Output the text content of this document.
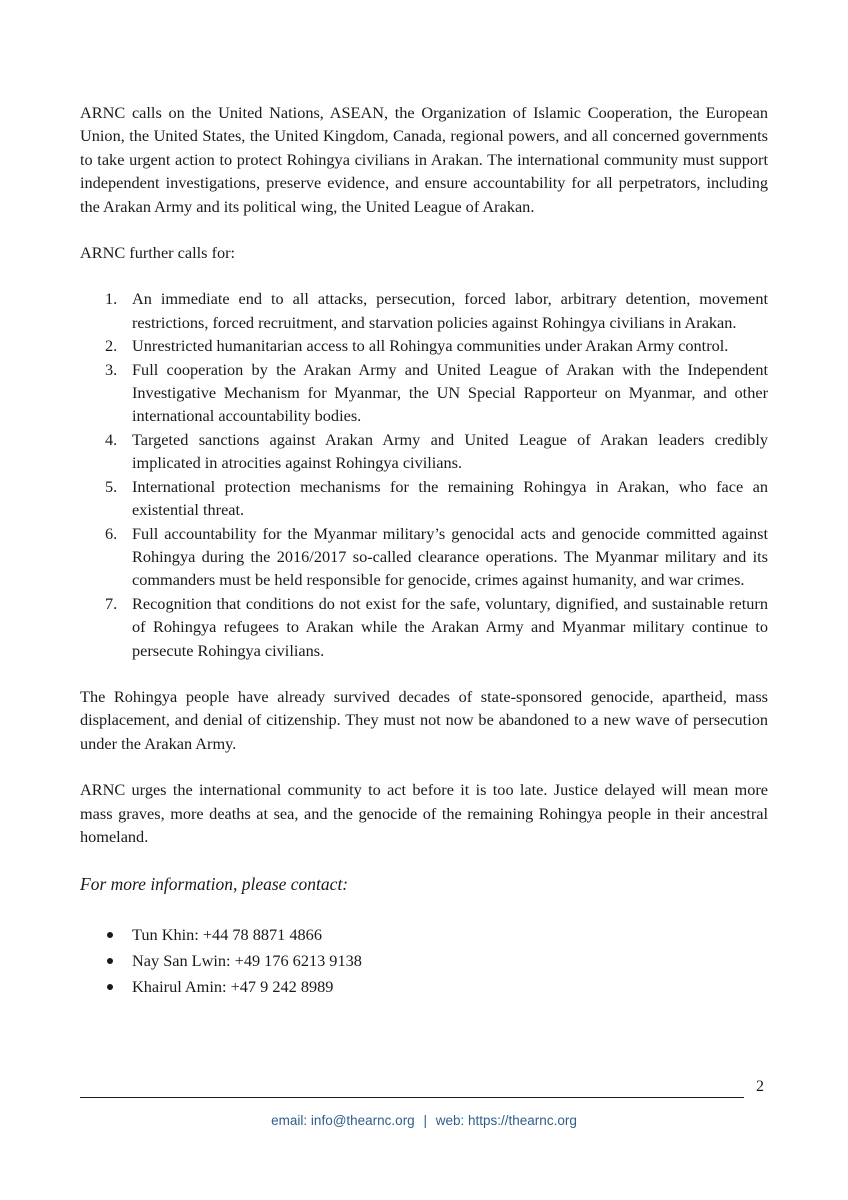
ARNC calls on the United Nations, ASEAN, the Organization of Islamic Cooperation, the European Union, the United States, the United Kingdom, Canada, regional powers, and all concerned governments to take urgent action to protect Rohingya civilians in Arakan. The international community must support independent investigations, preserve evidence, and ensure accountability for all perpetrators, including the Arakan Army and its political wing, the United League of Arakan.

ARNC further calls for:

1. An immediate end to all attacks, persecution, forced labor, arbitrary detention, movement restrictions, forced recruitment, and starvation policies against Rohingya civilians in Arakan.
2. Unrestricted humanitarian access to all Rohingya communities under Arakan Army control.
3. Full cooperation by the Arakan Army and United League of Arakan with the Independent Investigative Mechanism for Myanmar, the UN Special Rapporteur on Myanmar, and other international accountability bodies.
4. Targeted sanctions against Arakan Army and United League of Arakan leaders credibly implicated in atrocities against Rohingya civilians.
5. International protection mechanisms for the remaining Rohingya in Arakan, who face an existential threat.
6. Full accountability for the Myanmar military’s genocidal acts and genocide committed against Rohingya during the 2016/2017 so-called clearance operations. The Myanmar military and its commanders must be held responsible for genocide, crimes against humanity, and war crimes.
7. Recognition that conditions do not exist for the safe, voluntary, dignified, and sustainable return of Rohingya refugees to Arakan while the Arakan Army and Myanmar military continue to persecute Rohingya civilians.

The Rohingya people have already survived decades of state-sponsored genocide, apartheid, mass displacement, and denial of citizenship. They must not now be abandoned to a new wave of persecution under the Arakan Army.

ARNC urges the international community to act before it is too late. Justice delayed will mean more mass graves, more deaths at sea, and the genocide of the remaining Rohingya people in their ancestral homeland.

For more information, please contact:

Tun Khin: +44 78 8871 4866
Nay San Lwin: +49 176 6213 9138
Khairul Amin: +47 9 242 8989
2
email: info@thearnc.org | web: https://thearnc.org
